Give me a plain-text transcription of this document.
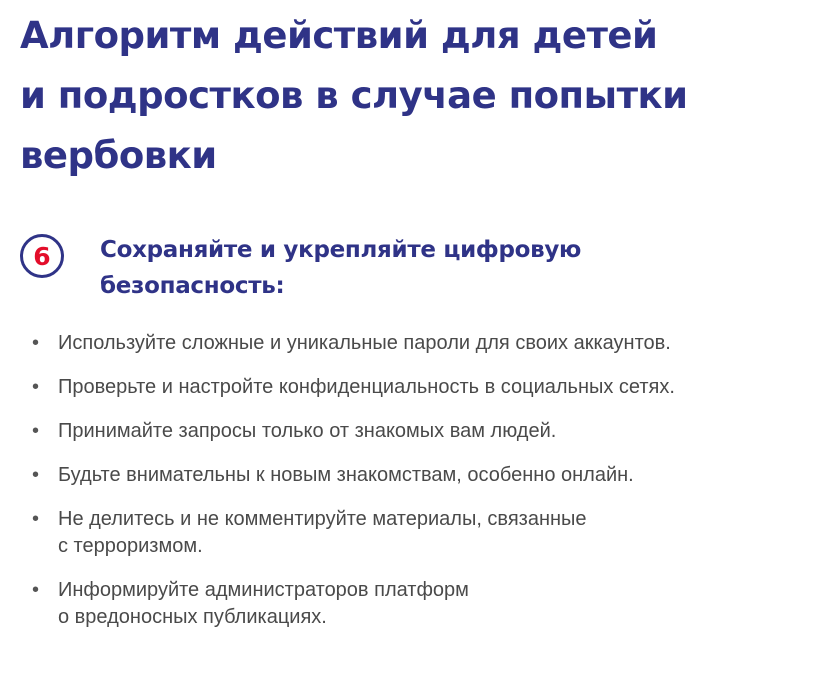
Алгоритм действий для детей
и подростков в случае попытки
вербовки
6	Сохраняйте и укрепляйте цифровую
безопасность:
• Используйте сложные и уникальные пароли для своих аккаунтов.
• Проверьте и настройте конфиденциальность в социальных сетях.
• Принимайте запросы только от знакомых вам людей.
• Будьте внимательны к новым знакомствам, особенно онлайн.
• Не делитесь и не комментируйте материалы, связанные
с терроризмом.
• Информируйте администраторов платформ
о вредоносных публикациях.
